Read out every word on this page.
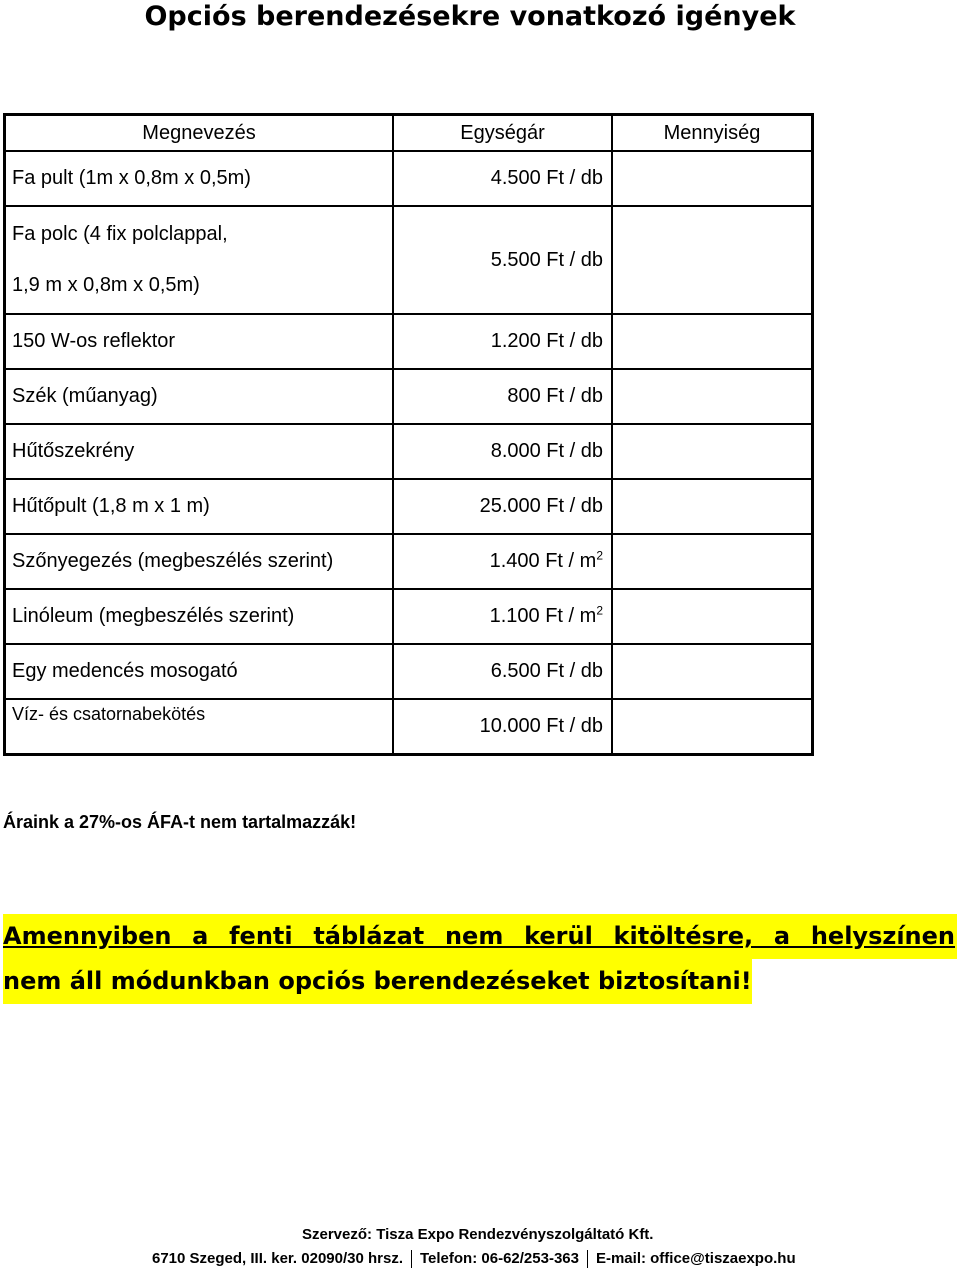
Opciós berendezésekre vonatkozó igények
Megnevezés	Egységár	Mennyiség
Fa pult (1m x 0,8m x 0,5m)	4.500 Ft / db	

Fa polc (4 fix polclappal,
1,9 m x 0,8m x 0,5m)	5.500 Ft / db	
150 W-os reflektor	1.200 Ft / db	
Szék (műanyag)	800 Ft / db	
Hűtőszekrény	8.000 Ft / db	
Hűtőpult (1,8 m x 1 m)	25.000 Ft / db	
Szőnyegezés (megbeszélés szerint)	1.400 Ft / $m^2$	
Linóleum (megbeszélés szerint)	1.100 Ft / $m^2$	
Egy medencés mosogató	6.500 Ft / db	
Víz- és csatornabekötés	10.000 Ft / db	
Áraink a 27%-os ÁFA-t nem tartalmazzák!
Amennyiben a fenti táblázat nem kerül kitöltésre, a helyszínen
nem áll módunkban opciós berendezéseket biztosítani!
Szervező: Tisza Expo Rendezvényszolgáltató Kft.
6710 Szeged, III. ker. 02090/30 hrsz. Telefon: 06-62/253-363 E-mail: office@tiszaexpo.hu
